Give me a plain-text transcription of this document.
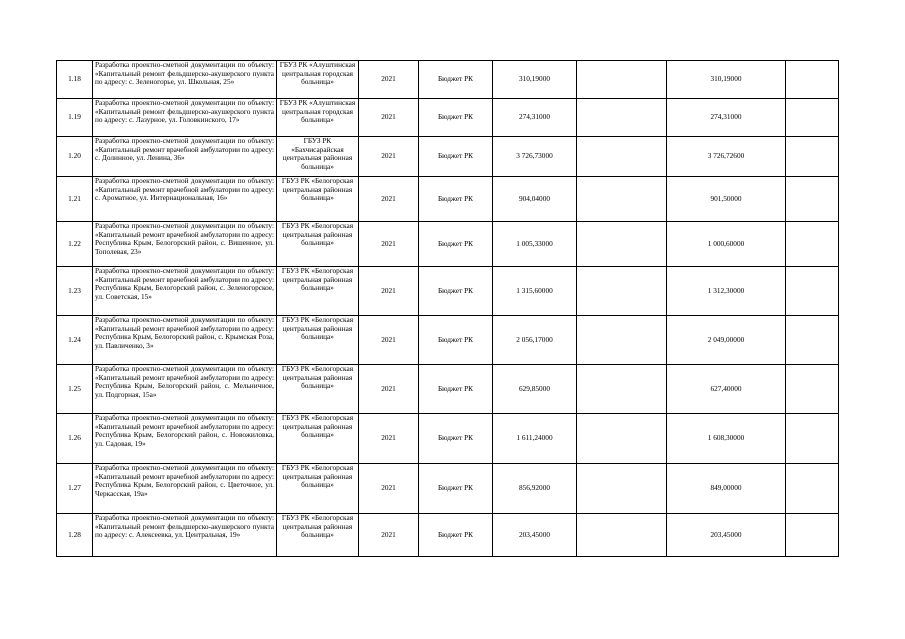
1.18	Разработка проектно-сметной документации по объекту: «Капитальный ремонт фельдшерско-акушерского пункта по адресу: с. Зеленогорье, ул. Школьная, 25»	ГБУЗ РК «Алуштинская центральная городская больница»	2021	Бюджет РК	310,19000		310,19000	
1.19	Разработка проектно-сметной документации по объекту: «Капитальный ремонт фельдшерско-акушерского пункта по адресу: с. Лазурное, ул. Головкинского, 17»	ГБУЗ РК «Алуштинская центральная городская больница»	2021	Бюджет РК	274,31000		274,31000	
1.20	Разработка проектно-сметной документации по объекту: «Капитальный ремонт врачебной амбулатории по адресу: с. Долинное, ул. Ленина, 36»	ГБУЗ РК «Бахчисарайская центральная районная больница»	2021	Бюджет РК	3 726,73000		3 726,72600	
1.21	Разработка проектно-сметной документации по объекту: «Капитальный ремонт врачебной амбулатории по адресу: с. Ароматное, ул. Интернациональная, 16»	ГБУЗ РК «Белогорская центральная районная больница»	2021	Бюджет РК	904,04000		901,50000	
1.22	Разработка проектно-сметной документации по объекту: «Капитальный ремонт врачебной амбулатории по адресу: Республика Крым, Белогорский район, с. Вишенное, ул. Тополевая, 23»	ГБУЗ РК «Белогорская центральная районная больница»	2021	Бюджет РК	1 005,33000		1 000,60000	
1.23	Разработка проектно-сметной документации по объекту: «Капитальный ремонт врачебной амбулатории по адресу: Республика Крым, Белогорский район, с. Зеленогорское, ул. Советская, 15»	ГБУЗ РК «Белогорская центральная районная больница»	2021	Бюджет РК	1 315,60000		1 312,30000	
1.24	Разработка проектно-сметной документации по объекту: «Капитальный ремонт врачебной амбулатории по адресу: Республика Крым, Белогорский район, с. Крымская Роза, ул. Павличенко, 3»	ГБУЗ РК «Белогорская центральная районная больница»	2021	Бюджет РК	2 056,17000		2 049,00000	
1.25	Разработка проектно-сметной документации по объекту: «Капитальный ремонт врачебной амбулатории по адресу: Республика Крым, Белогорский район, с. Мельничное, ул. Подгорная, 15а»	ГБУЗ РК «Белогорская центральная районная больница»	2021	Бюджет РК	629,85000		627,40000	
1.26	Разработка проектно-сметной документации по объекту: «Капитальный ремонт врачебной амбулатории по адресу: Республика Крым, Белогорский район, с. Новожиловка, ул. Садовая, 19»	ГБУЗ РК «Белогорская центральная районная больница»	2021	Бюджет РК	1 611,24000		1 608,30000	
1.27	Разработка проектно-сметной документации по объекту: «Капитальный ремонт врачебной амбулатории по адресу: Республика Крым, Белогорский район, с. Цветочное, ул. Черкасская, 19а»	ГБУЗ РК «Белогорская центральная районная больница»	2021	Бюджет РК	856,92000		849,00000	
1.28	Разработка проектно-сметной документации по объекту: «Капитальный ремонт фельдшерско-акушерского пункта по адресу: с. Алексеевка, ул. Центральная, 19»	ГБУЗ РК «Белогорская центральная районная больница»	2021	Бюджет РК	203,45000		203,45000	
